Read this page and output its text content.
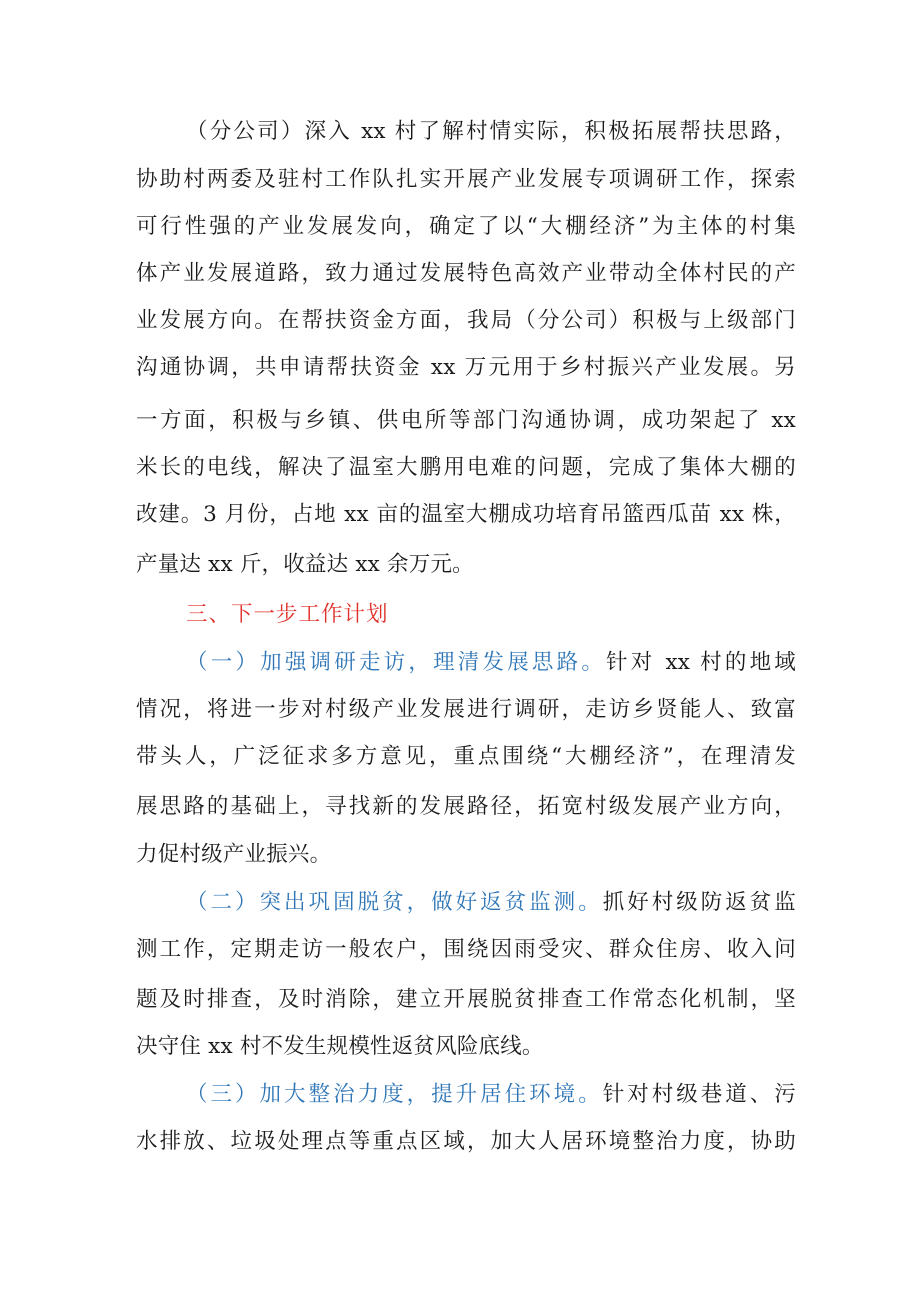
（分公司）深入 xx 村了解村情实际，积极拓展帮扶思路，
协助村两委及驻村工作队扎实开展产业发展专项调研工作，探索
可行性强的产业发展发向，确定了以“大棚经济”为主体的村集
体产业发展道路，致力通过发展特色高效产业带动全体村民的产
业发展方向。在帮扶资金方面，我局（分公司）积极与上级部门
沟通协调，共申请帮扶资金 xx 万元用于乡村振兴产业发展。另
一方面，积极与乡镇、供电所等部门沟通协调，成功架起了 xx
米长的电线，解决了温室大鹏用电难的问题，完成了集体大棚的
改建。3 月份，占地 xx 亩的温室大棚成功培育吊篮西瓜苗 xx 株，
产量达 xx 斤，收益达 xx 余万元。
三、下一步工作计划
（一）加强调研走访，理清发展思路。针对 xx 村的地域
情况，将进一步对村级产业发展进行调研，走访乡贤能人、致富
带头人，广泛征求多方意见，重点围绕“大棚经济”，在理清发
展思路的基础上，寻找新的发展路径，拓宽村级发展产业方向，
力促村级产业振兴。
（二）突出巩固脱贫，做好返贫监测。抓好村级防返贫监
测工作，定期走访一般农户，围绕因雨受灾、群众住房、收入问
题及时排查，及时消除，建立开展脱贫排查工作常态化机制，坚
决守住 xx 村不发生规模性返贫风险底线。
（三）加大整治力度，提升居住环境。针对村级巷道、污
水排放、垃圾处理点等重点区域，加大人居环境整治力度，协助
